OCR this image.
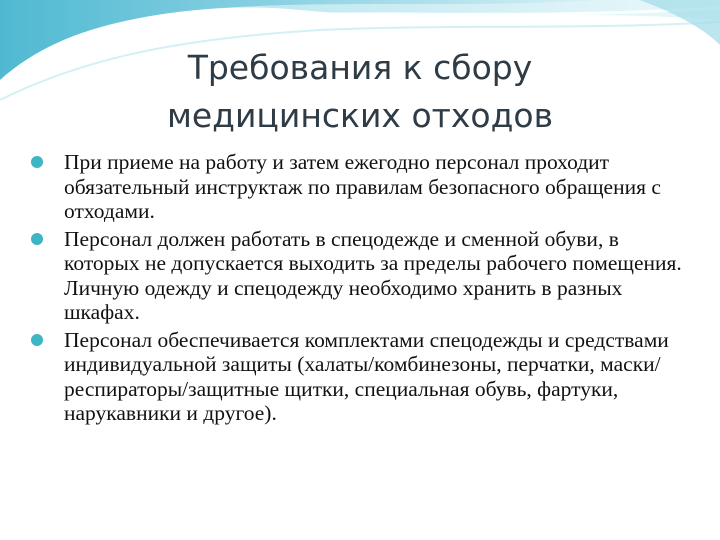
Требования к сбору
медицинских отходов
При приеме на работу и затем ежегодно персонал проходит обязательный инструктаж по правилам безопасного обращения с отходами.
Персонал должен работать в спецодежде и сменной обуви, в которых не допускается выходить за пределы рабочего помещения. Личную одежду и спецодежду необходимо хранить в разных шкафах.
Персонал обеспечивается комплектами спецодежды и средствами индивидуальной защиты (халаты/комбинезоны, перчатки, маски/респираторы/защитные щитки, специальная обувь, фартуки, нарукавники и другое).
